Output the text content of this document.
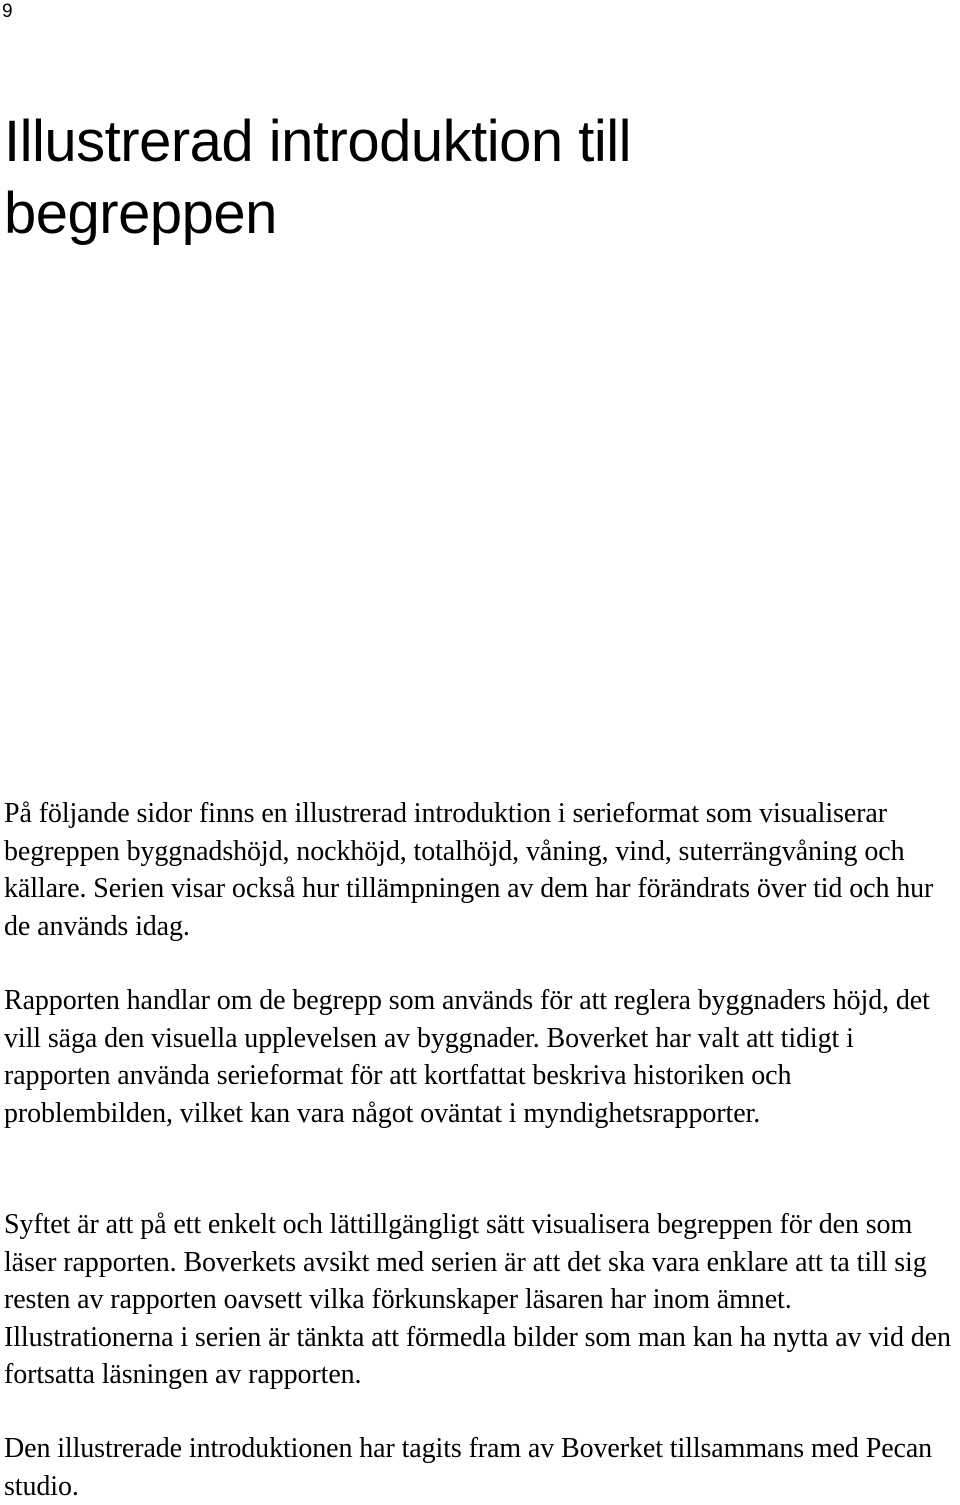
9
Illustrerad introduktion till
begreppen

På följande sidor finns en illustrerad introduktion i serieformat som visualiserar begreppen byggnadshöjd, nockhöjd, totalhöjd, våning, vind, suterrängvåning och källare. Serien visar också hur tillämpningen av dem har förändrats över tid och hur de används idag.

Rapporten handlar om de begrepp som används för att reglera byggnaders höjd, det vill säga den visuella upplevelsen av byggnader. Boverket har valt att tidigt i rapporten använda serieformat för att kortfattat beskriva historiken och problembilden, vilket kan vara något oväntat i myndighetsrapporter.

Syftet är att på ett enkelt och lättillgängligt sätt visualisera begreppen för den som läser rapporten. Boverkets avsikt med serien är att det ska vara enklare att ta till sig resten av rapporten oavsett vilka förkunskaper läsaren har inom ämnet. Illustrationerna i serien är tänkta att förmedla bilder som man kan ha nytta av vid den fortsatta läsningen av rapporten.

Den illustrerade introduktionen har tagits fram av Boverket tillsammans med Pecan studio.
